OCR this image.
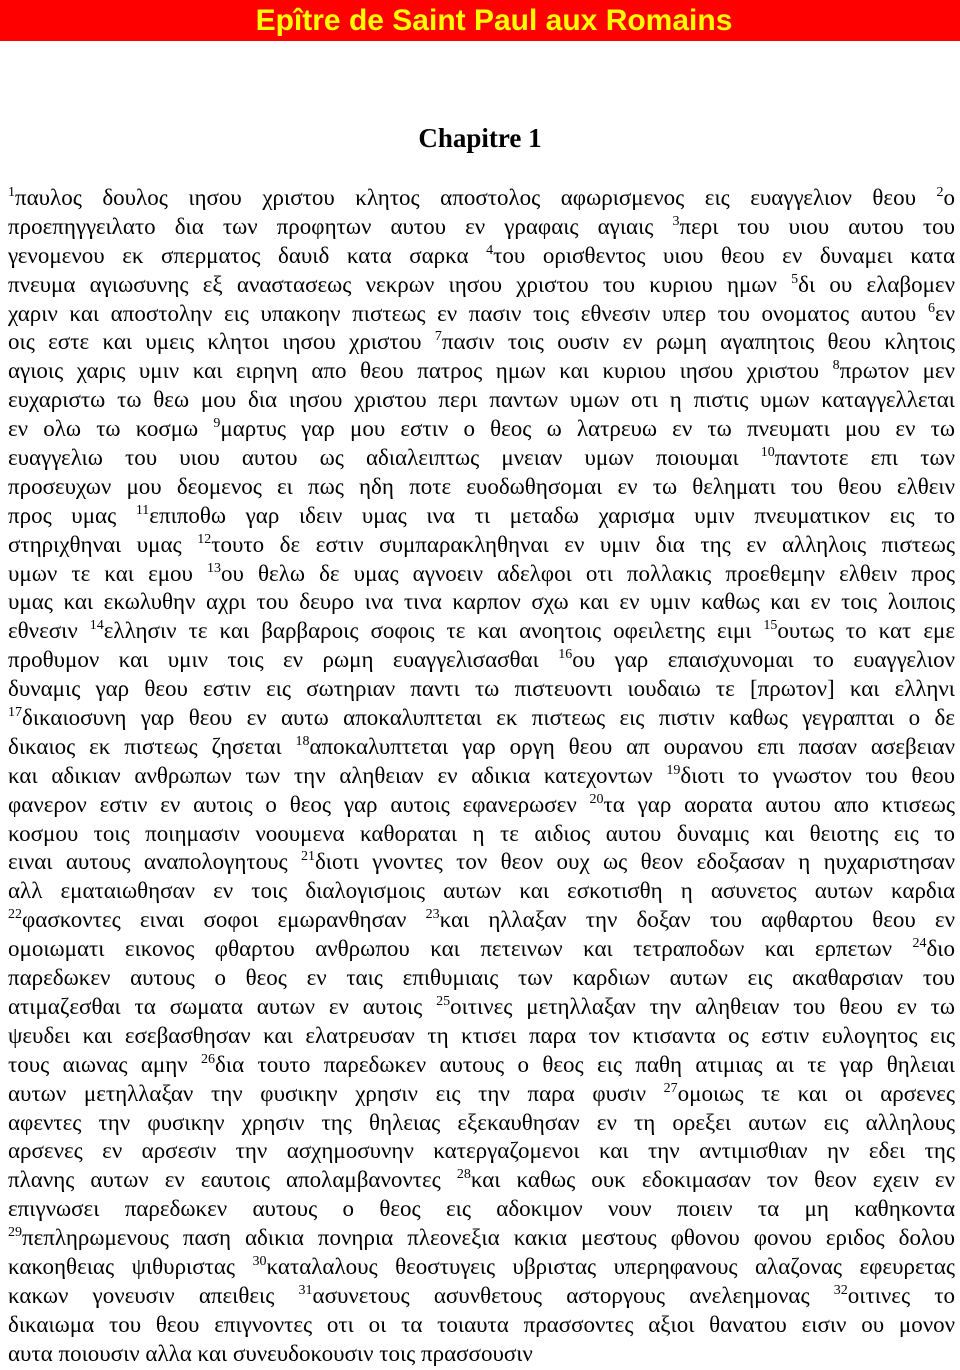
Epître de Saint Paul aux Romains
Chapitre 1
$^1$παυλος δουλος ιησου χριστου κλητος αποστολος αφωρισμενος εις ευαγγελιον θεου $^2$ο
προεπηγγειλατο δια των προφητων αυτου εν γραφαις αγιαις $^3$περι του υιου αυτου του
γενομενου εκ σπερματος δαυιδ κατα σαρκα $^4$του ορισθεντος υιου θεου εν δυναμει κατα
πνευμα αγιωσυνης εξ αναστασεως νεκρων ιησου χριστου του κυριου ημων $^5$δι ου ελαβομεν
χαριν και αποστολην εις υπακοην πιστεως εν πασιν τοις εθνεσιν υπερ του ονοματος αυτου $^6$εν
οις εστε και υμεις κλητοι ιησου χριστου $^7$πασιν τοις ουσιν εν ρωμη αγαπητοις θεου κλητοις
αγιοις χαρις υμιν και ειρηνη απο θεου πατρος ημων και κυριου ιησου χριστου $^8$πρωτον μεν
ευχαριστω τω θεω μου δια ιησου χριστου περι παντων υμων οτι η πιστις υμων καταγγελλεται
εν ολω τω κοσμω $^9$μαρτυς γαρ μου εστιν ο θεος ω λατρευω εν τω πνευματι μου εν τω
ευαγγελιω του υιου αυτου ως αδιαλειπτως μνειαν υμων ποιουμαι $^{10}$παντοτε επι των
προσευχων μου δεομενος ει πως ηδη ποτε ευοδωθησομαι εν τω θεληματι του θεου ελθειν
προς υμας $^{11}$επιποθω γαρ ιδειν υμας ινα τι μεταδω χαρισμα υμιν πνευματικον εις το
στηριχθηναι υμας $^{12}$τουτο δε εστιν συμπαρακληθηναι εν υμιν δια της εν αλληλοις πιστεως
υμων τε και εμου $^{13}$ου θελω δε υμας αγνοειν αδελφοι οτι πολλακις προεθεμην ελθειν προς
υμας και εκωλυθην αχρι του δευρο ινα τινα καρπον σχω και εν υμιν καθως και εν τοις λοιποις
εθνεσιν $^{14}$ελλησιν τε και βαρβαροις σοφοις τε και ανοητοις οφειλετης ειμι $^{15}$ουτως το κατ εμε
προθυμον και υμιν τοις εν ρωμη ευαγγελισασθαι $^{16}$ου γαρ επαισχυνομαι το ευαγγελιον
δυναμις γαρ θεου εστιν εις σωτηριαν παντι τω πιστευοντι ιουδαιω τε [πρωτον] και ελληνι
$^{17}$δικαιοσυνη γαρ θεου εν αυτω αποκαλυπτεται εκ πιστεως εις πιστιν καθως γεγραπται ο δε
δικαιος εκ πιστεως ζησεται $^{18}$αποκαλυπτεται γαρ οργη θεου απ ουρανου επι πασαν ασεβειαν
και αδικιαν ανθρωπων των την αληθειαν εν αδικια κατεχοντων $^{19}$διοτι το γνωστον του θεου
φανερον εστιν εν αυτοις ο θεος γαρ αυτοις εφανερωσεν $^{20}$τα γαρ αορατα αυτου απο κτισεως
κοσμου τοις ποιημασιν νοουμενα καθοραται η τε αιδιος αυτου δυναμις και θειοτης εις το
ειναι αυτους αναπολογητους $^{21}$διοτι γνοντες τον θεον ουχ ως θεον εδοξασαν η ηυχαριστησαν
αλλ εματαιωθησαν εν τοις διαλογισμοις αυτων και εσκοτισθη η ασυνετος αυτων καρδια
$^{22}$φασκοντες ειναι σοφοι εμωρανθησαν $^{23}$και ηλλαξαν την δοξαν του αφθαρτου θεου εν
ομοιωματι εικονος φθαρτου ανθρωπου και πετεινων και τετραποδων και ερπετων $^{24}$διο
παρεδωκεν αυτους ο θεος εν ταις επιθυμιαις των καρδιων αυτων εις ακαθαρσιαν του
ατιμαζεσθαι τα σωματα αυτων εν αυτοις $^{25}$οιτινες μετηλλαξαν την αληθειαν του θεου εν τω
ψευδει και εσεβασθησαν και ελατρευσαν τη κτισει παρα τον κτισαντα ος εστιν ευλογητος εις
τους αιωνας αμην $^{26}$δια τουτο παρεδωκεν αυτους ο θεος εις παθη ατιμιας αι τε γαρ θηλειαι
αυτων μετηλλαξαν την φυσικην χρησιν εις την παρα φυσιν $^{27}$ομοιως τε και οι αρσενες
αφεντες την φυσικην χρησιν της θηλειας εξεκαυθησαν εν τη ορεξει αυτων εις αλληλους
αρσενες εν αρσεσιν την ασχημοσυνην κατεργαζομενοι και την αντιμισθιαν ην εδει της
πλανης αυτων εν εαυτοις απολαμβανοντες $^{28}$και καθως ουκ εδοκιμασαν τον θεον εχειν εν
επιγνωσει παρεδωκεν αυτους ο θεος εις αδοκιμον νουν ποιειν τα μη καθηκοντα
$^{29}$πεπληρωμενους παση αδικια πονηρια πλεονεξια κακια μεστους φθονου φονου εριδος δολου
κακοηθειας ψιθυριστας $^{30}$καταλαλους θεοστυγεις υβριστας υπερηφανους αλαζονας εφευρετας
κακων γονευσιν απειθεις $^{31}$ασυνετους ασυνθετους αστοργους ανελεημονας $^{32}$οιτινες το
δικαιωμα του θεου επιγνοντες οτι οι τα τοιαυτα πρασσοντες αξιοι θανατου εισιν ου μονον
αυτα ποιουσιν αλλα και συνευδοκουσιν τοις πρασσουσιν
